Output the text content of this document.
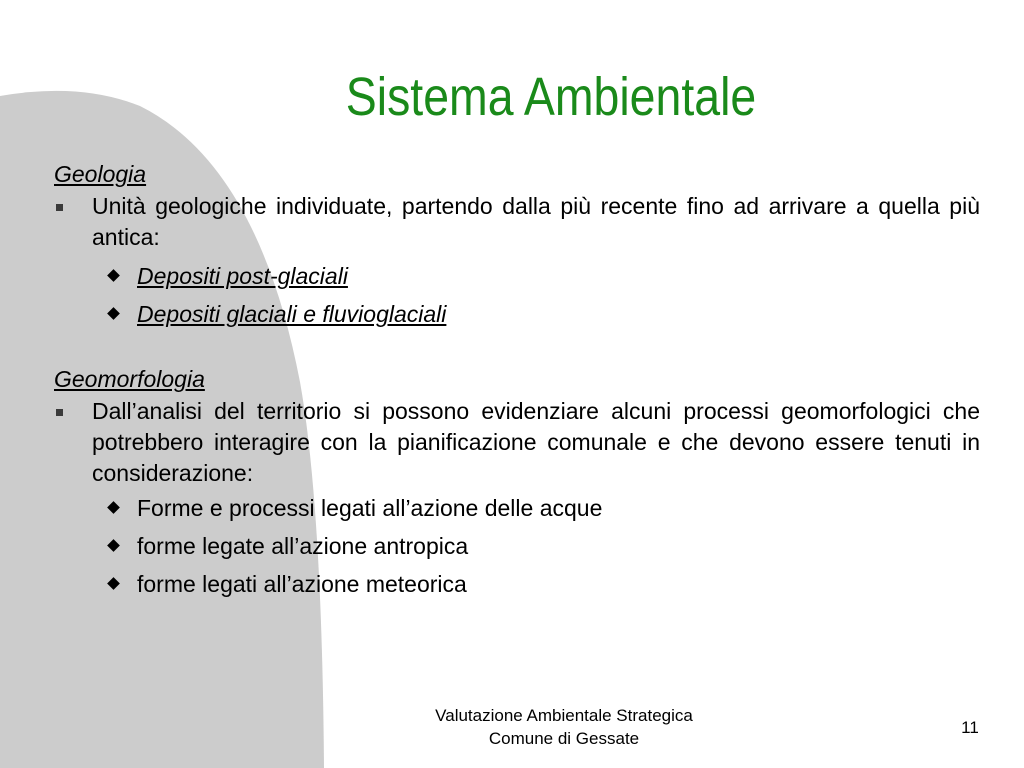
Sistema Ambientale
Geologia
Unità geologiche individuate, partendo dalla più recente fino ad arrivare a quella più antica:
Depositi post-glaciali
Depositi glaciali e fluvioglaciali
Geomorfologia
Dall’analisi del territorio si possono evidenziare alcuni processi geomorfologici che potrebbero interagire con la pianificazione comunale e che devono essere tenuti in considerazione:
Forme e processi legati all’azione delle acque
forme legate all’azione antropica
forme legati all’azione meteorica
Valutazione Ambientale Strategica
Comune di Gessate
11
